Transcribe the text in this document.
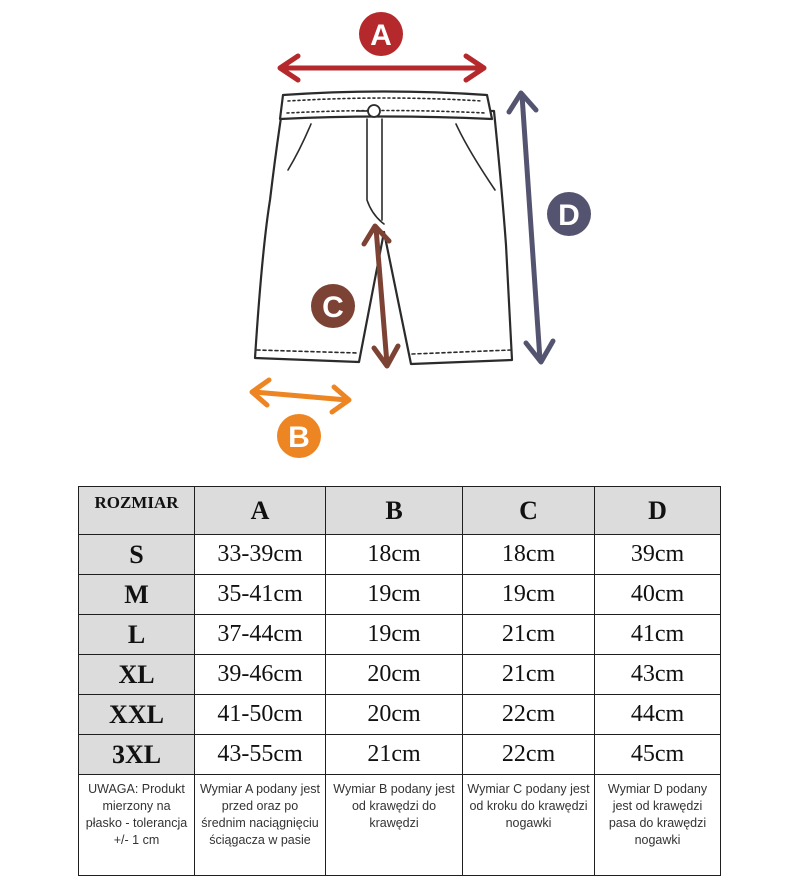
A
D
C
B
ROZMIAR	A	B	C	D
S	33-39cm	18cm	18cm	39cm
M	35-41cm	19cm	19cm	40cm
L	37-44cm	19cm	21cm	41cm
XL	39-46cm	20cm	21cm	43cm
XXL	41-50cm	20cm	22cm	44cm
3XL	43-55cm	21cm	22cm	45cm
UWAGA: Produkt mierzony na płasko - tolerancja +/- 1 cm	Wymiar A podany jest przed oraz po średnim naciągnięciu ściągacza w pasie	Wymiar B podany jest od krawędzi do krawędzi	Wymiar C podany jest od kroku do krawędzi nogawki	Wymiar D podany jest od krawędzi pasa do krawędzi nogawki
